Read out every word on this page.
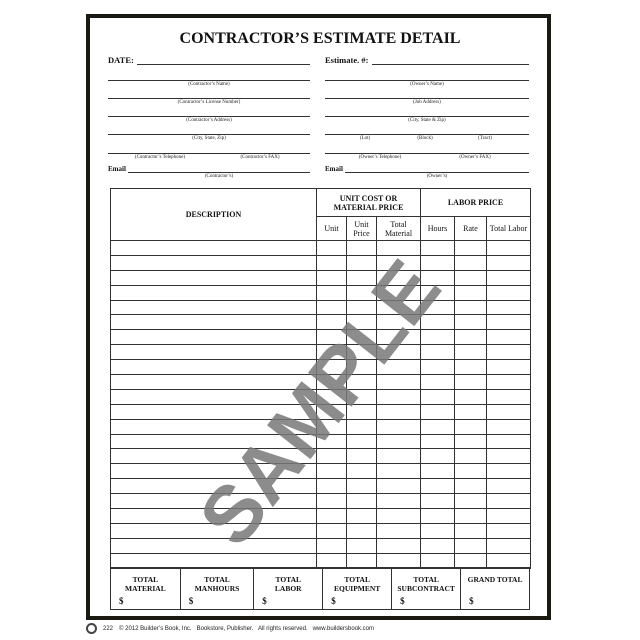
CONTRACTOR’S ESTIMATE DETAIL
DATE:	Estimate. #:
(Contractor’s Name)
(Contractor’s License Number)
(Contractor’s Address)
(City, State, Zip)
(Contractor’s Telephone)	(Contractor’s FAX)
Email
(Contractor’s)
(Owner’s Name)
(Job Address)
(City, State & Zip)
(Lot)	(Block)	(Tract)
(Owner’s Telephone)	(Owner’s FAX)
Email
(Owner’s)
DESCRIPTION	UNIT COST OR MATERIAL PRICE			LABOR PRICE		
	Unit	Unit Price	Total Material	Hours	Rate	Total Labor

TOTAL MATERIAL
$
TOTAL MANHOURS
$
TOTAL LABOR
$
TOTAL EQUIPMENT
$
TOTAL SUBCONTRACT
$
GRAND TOTAL
$
SAMPLE
222 © 2012 Builder’s Book, Inc.   Bookstore, Publisher.   All rights reserved.   www.buildersbook.com
